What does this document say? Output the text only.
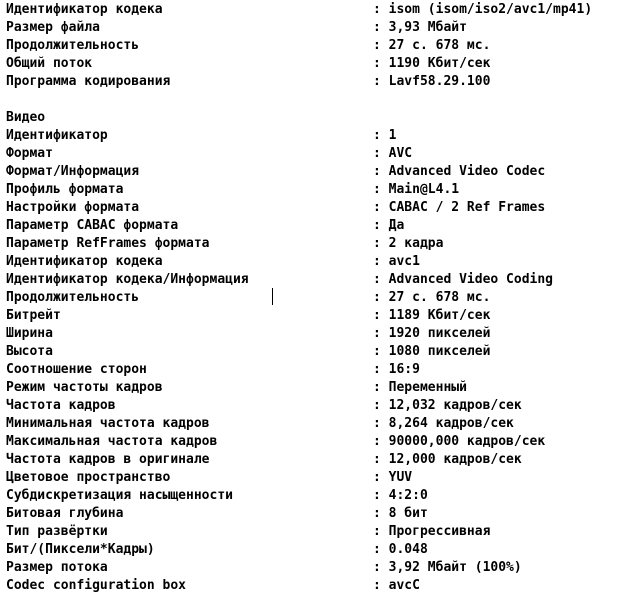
Идентификатор кодека	: isom (isom/iso2/avc1/mp41)
Размер файла	: 3,93 Мбайт
Продолжительность	: 27 с. 678 мс.
Общий поток	: 1190 Кбит/сек
Программа кодирования	: Lavf58.29.100
Видео
Идентификатор	: 1
Формат	: AVC
Формат/Информация	: Advanced Video Codec
Профиль формата	: Main@L4.1
Настройки формата	: CABAC / 2 Ref Frames
Параметр CABAC формата	: Да
Параметр RefFrames формата	: 2 кадра
Идентификатор кодека	: avc1
Идентификатор кодека/Информация	: Advanced Video Coding
Продолжительность	: 27 с. 678 мс.
Битрейт	: 1189 Кбит/сек
Ширина	: 1920 пикселей
Высота	: 1080 пикселей
Соотношение сторон	: 16:9
Режим частоты кадров	: Переменный
Частота кадров	: 12,032 кадров/сек
Минимальная частота кадров	: 8,264 кадров/сек
Максимальная частота кадров	: 90000,000 кадров/сек
Частота кадров в оригинале	: 12,000 кадров/сек
Цветовое пространство	: YUV
Субдискретизация насыщенности	: 4:2:0
Битовая глубина	: 8 бит
Тип развёртки	: Прогрессивная
Бит/(Пиксели*Кадры)	: 0.048
Размер потока	: 3,92 Мбайт (100%)
Codec configuration box	: avcC
